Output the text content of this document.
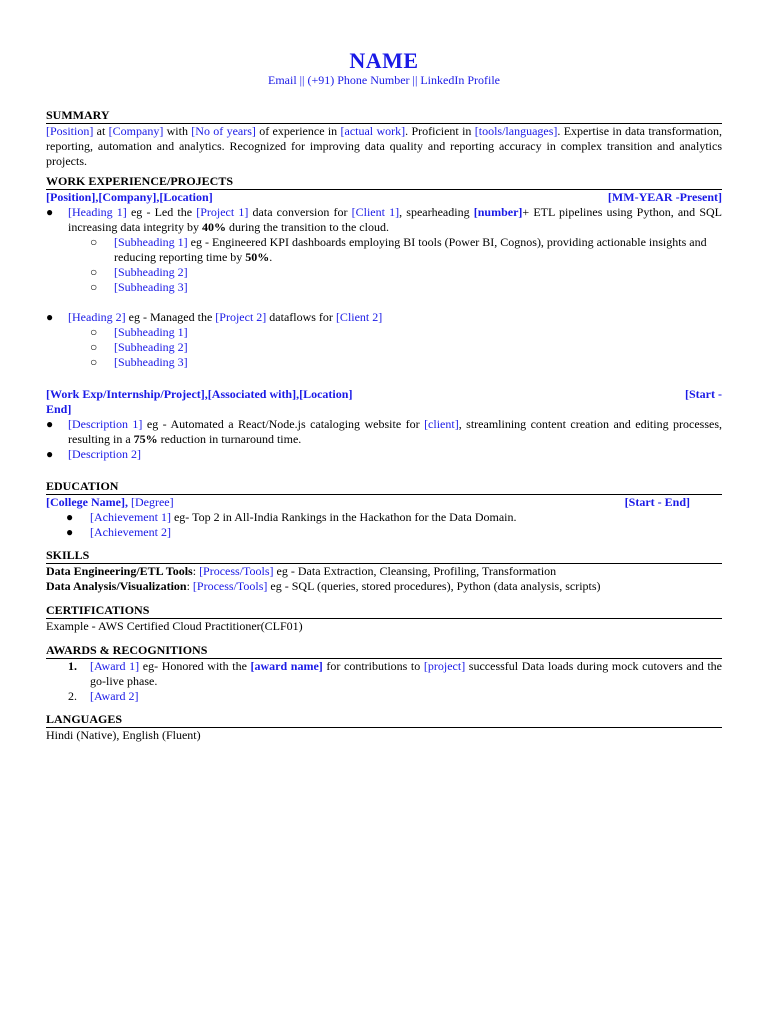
NAME
Email || (+91) Phone Number || LinkedIn Profile
SUMMARY
[Position] at [Company] with [No of years] of experience in [actual work]. Proficient in [tools/languages]. Expertise in data transformation, reporting, automation and analytics. Recognized for improving data quality and reporting accuracy in complex transition and analytics projects.
WORK EXPERIENCE/PROJECTS
[Position],[Company],[Location]	[MM-YEAR -Present]
● [Heading 1] eg - Led the [Project 1] data conversion for [Client 1], spearheading [number]+ ETL pipelines using Python, and SQL increasing data integrity by 40% during the transition to the cloud.
○ [Subheading 1] eg - Engineered KPI dashboards employing BI tools (Power BI, Cognos), providing actionable insights and reducing reporting time by 50%.
○ [Subheading 2]
○ [Subheading 3]
● [Heading 2] eg - Managed the [Project 2] dataflows for [Client 2]
○ [Subheading 1]
○ [Subheading 2]
○ [Subheading 3]
[Work Exp/Internship/Project],[Associated with],[Location]	[Start -
End]
● [Description 1] eg - Automated a React/Node.js cataloging website for [client], streamlining content creation and editing processes, resulting in a 75% reduction in turnaround time.
● [Description 2]
EDUCATION
[College Name], [Degree]	[Start - End]
● [Achievement 1] eg- Top 2 in All-India Rankings in the Hackathon for the Data Domain.
● [Achievement 2]
SKILLS
Data Engineering/ETL Tools: [Process/Tools] eg - Data Extraction, Cleansing, Profiling, Transformation
Data Analysis/Visualization: [Process/Tools] eg - SQL (queries, stored procedures), Python (data analysis, scripts)
CERTIFICATIONS
Example - AWS Certified Cloud Practitioner(CLF01)
AWARDS & RECOGNITIONS
1. [Award 1] eg- Honored with the [award name] for contributions to [project] successful Data loads during mock cutovers and the go-live phase.
2. [Award 2]
LANGUAGES
Hindi (Native), English (Fluent)
